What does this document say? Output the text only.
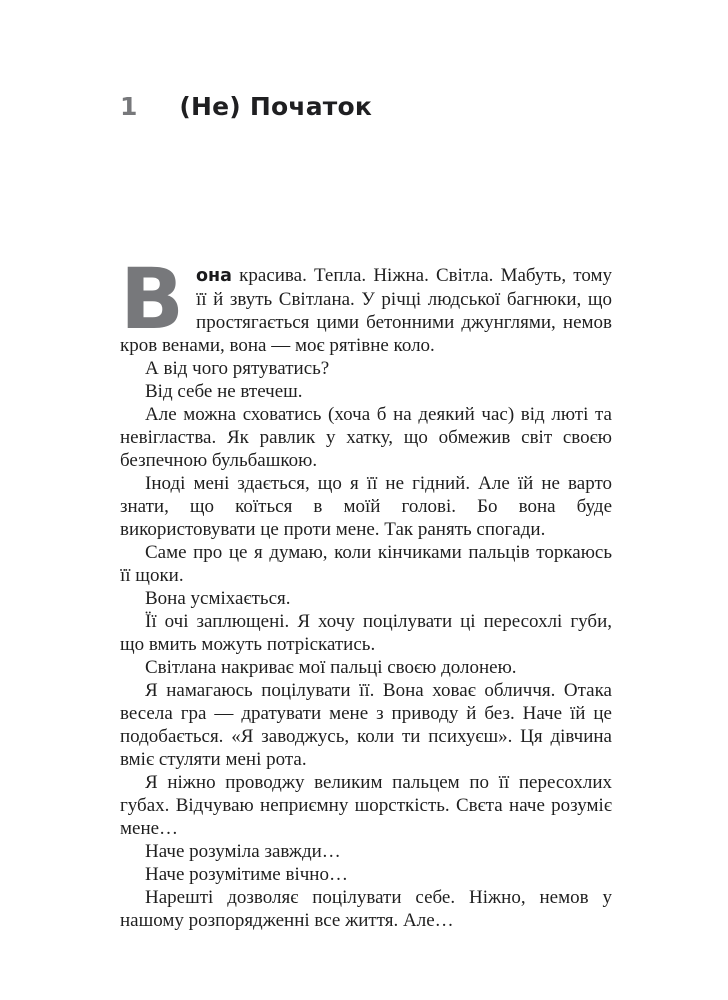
1 (Не) Початок

Вона красива. Тепла. Ніжна. Світла. Мабуть, тому її й звуть Світлана. У річці людської багнюки, що простягається цими бетонними джунглями, немов кров венами, вона — моє рятівне коло.

А від чого рятуватись?

Від себе не втечеш.

Але можна сховатись (хоча б на деякий час) від люті та невігластва. Як равлик у хатку, що обмежив світ своєю безпечною бульбашкою.

Іноді мені здається, що я її не гідний. Але їй не варто знати, що коїться в моїй голові. Бо вона буде використовувати це проти мене. Так ранять спогади.

Саме про це я думаю, коли кінчиками пальців торкаюсь її щоки.

Вона усміхається.

Її очі заплющені. Я хочу поцілувати ці пересохлі губи, що вмить можуть потріскатись.

Світлана накриває мої пальці своєю долонею.

Я намагаюсь поцілувати її. Вона ховає обличчя. Отака весела гра — дратувати мене з приводу й без. Наче їй це подобається. «Я заводжусь, коли ти психуєш». Ця дівчина вміє стуляти мені рота.

Я ніжно проводжу великим пальцем по її пересохлих губах. Відчуваю неприємну шорсткість. Свєта наче розуміє мене…

Наче розуміла завжди…

Наче розумітиме вічно…

Нарешті дозволяє поцілувати себе. Ніжно, немов у нашому розпорядженні все життя. Але…
